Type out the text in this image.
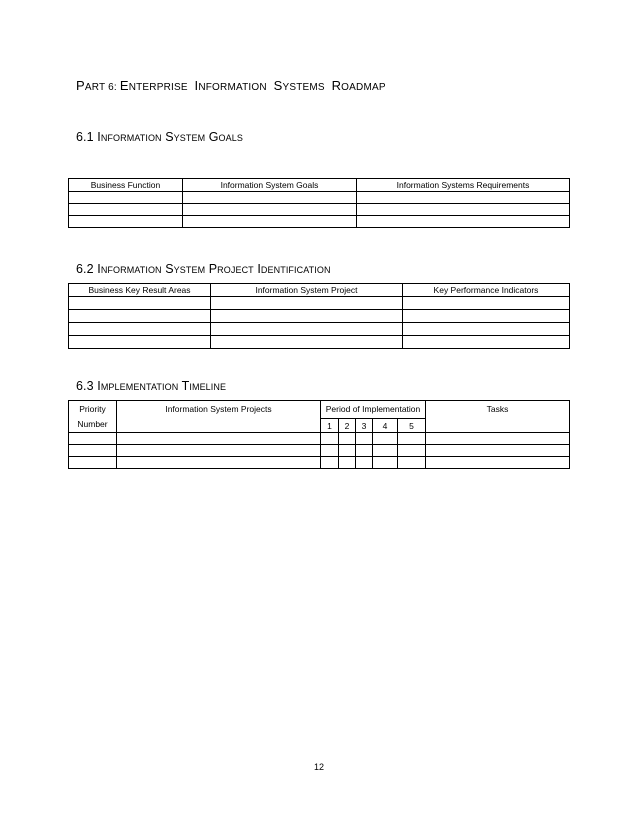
PART 6: ENTERPRISE  INFORMATION  SYSTEMS  ROADMAP
6.1 Information System Goals
Business Function	Information System Goals	Information Systems Requirements

6.2 Information System Project Identification
Business Key Result Areas	Information System Project	Key Performance Indicators

6.3 Implementation Timeline
Priority Number	Information System Projects	Period of Implementation					Tasks
		1	2	3	4	5	

12
